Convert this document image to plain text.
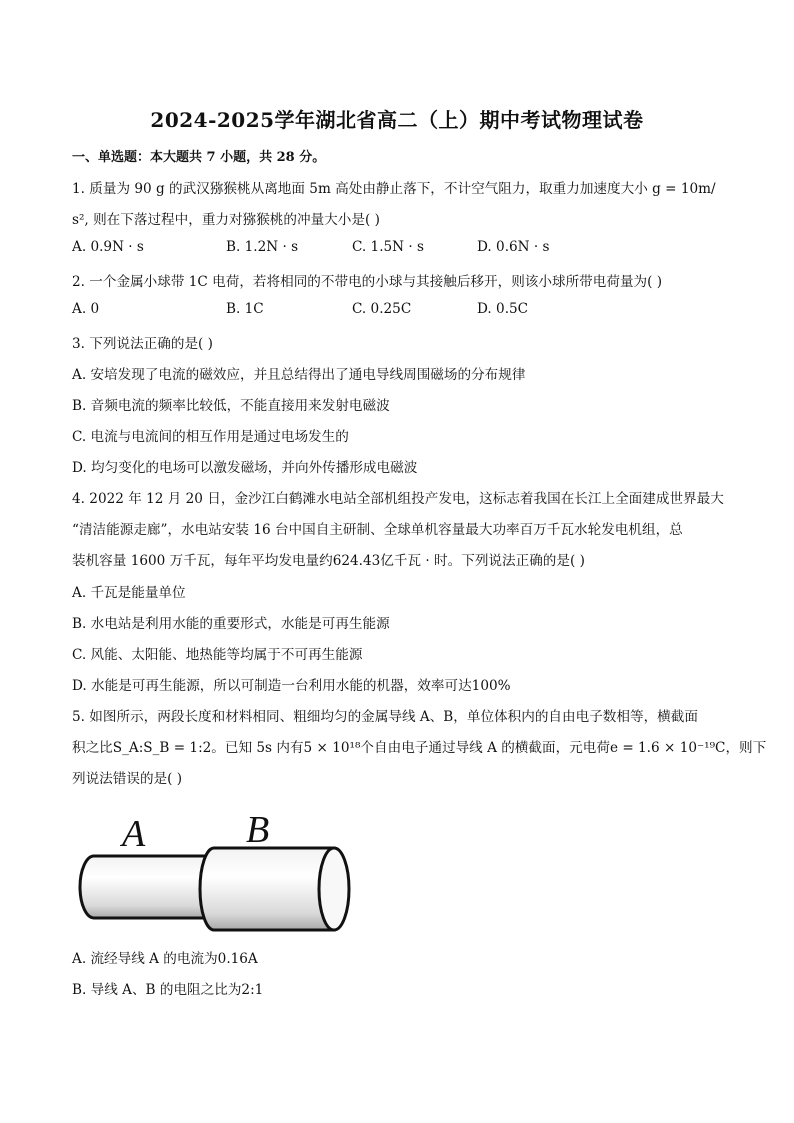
2024-2025学年湖北省高二（上）期中考试物理试卷
一、单选题：本大题共 7 小题，共 28 分。
1. 质量为 90 g 的武汉猕猴桃从离地面 5m 高处由静止落下，不计空气阻力，取重力加速度大小 g = 10m/
s², 则在下落过程中，重力对猕猴桃的冲量大小是( )
A. 0.9N · s	B. 1.2N · s	C. 1.5N · s	D. 0.6N · s
2. 一个金属小球带 1C 电荷，若将相同的不带电的小球与其接触后移开，则该小球所带电荷量为( )
A. 0	B. 1C	C. 0.25C	D. 0.5C
3. 下列说法正确的是( )
A. 安培发现了电流的磁效应，并且总结得出了通电导线周围磁场的分布规律
B. 音频电流的频率比较低，不能直接用来发射电磁波
C. 电流与电流间的相互作用是通过电场发生的
D. 均匀变化的电场可以激发磁场，并向外传播形成电磁波
4. 2022 年 12 月 20 日，金沙江白鹤滩水电站全部机组投产发电，这标志着我国在长江上全面建成世界最大
“清洁能源走廊”，水电站安装 16 台中国自主研制、全球单机容量最大功率百万千瓦水轮发电机组，总
装机容量 1600 万千瓦，每年平均发电量约624.43亿千瓦 · 时。下列说法正确的是( )
A. 千瓦是能量单位
B. 水电站是利用水能的重要形式，水能是可再生能源
C. 风能、太阳能、地热能等均属于不可再生能源
D. 水能是可再生能源，所以可制造一台利用水能的机器，效率可达100%
5. 如图所示，两段长度和材料相同、粗细均匀的金属导线 A、B，单位体积内的自由电子数相等，横截面
积之比S_A:S_B = 1:2。已知 5s 内有5 × 10¹⁸个自由电子通过导线 A 的横截面，元电荷e = 1.6 × 10⁻¹⁹C，则下
列说法错误的是( )
A	B
A. 流经导线 A 的电流为0.16A
B. 导线 A、B 的电阻之比为2:1
